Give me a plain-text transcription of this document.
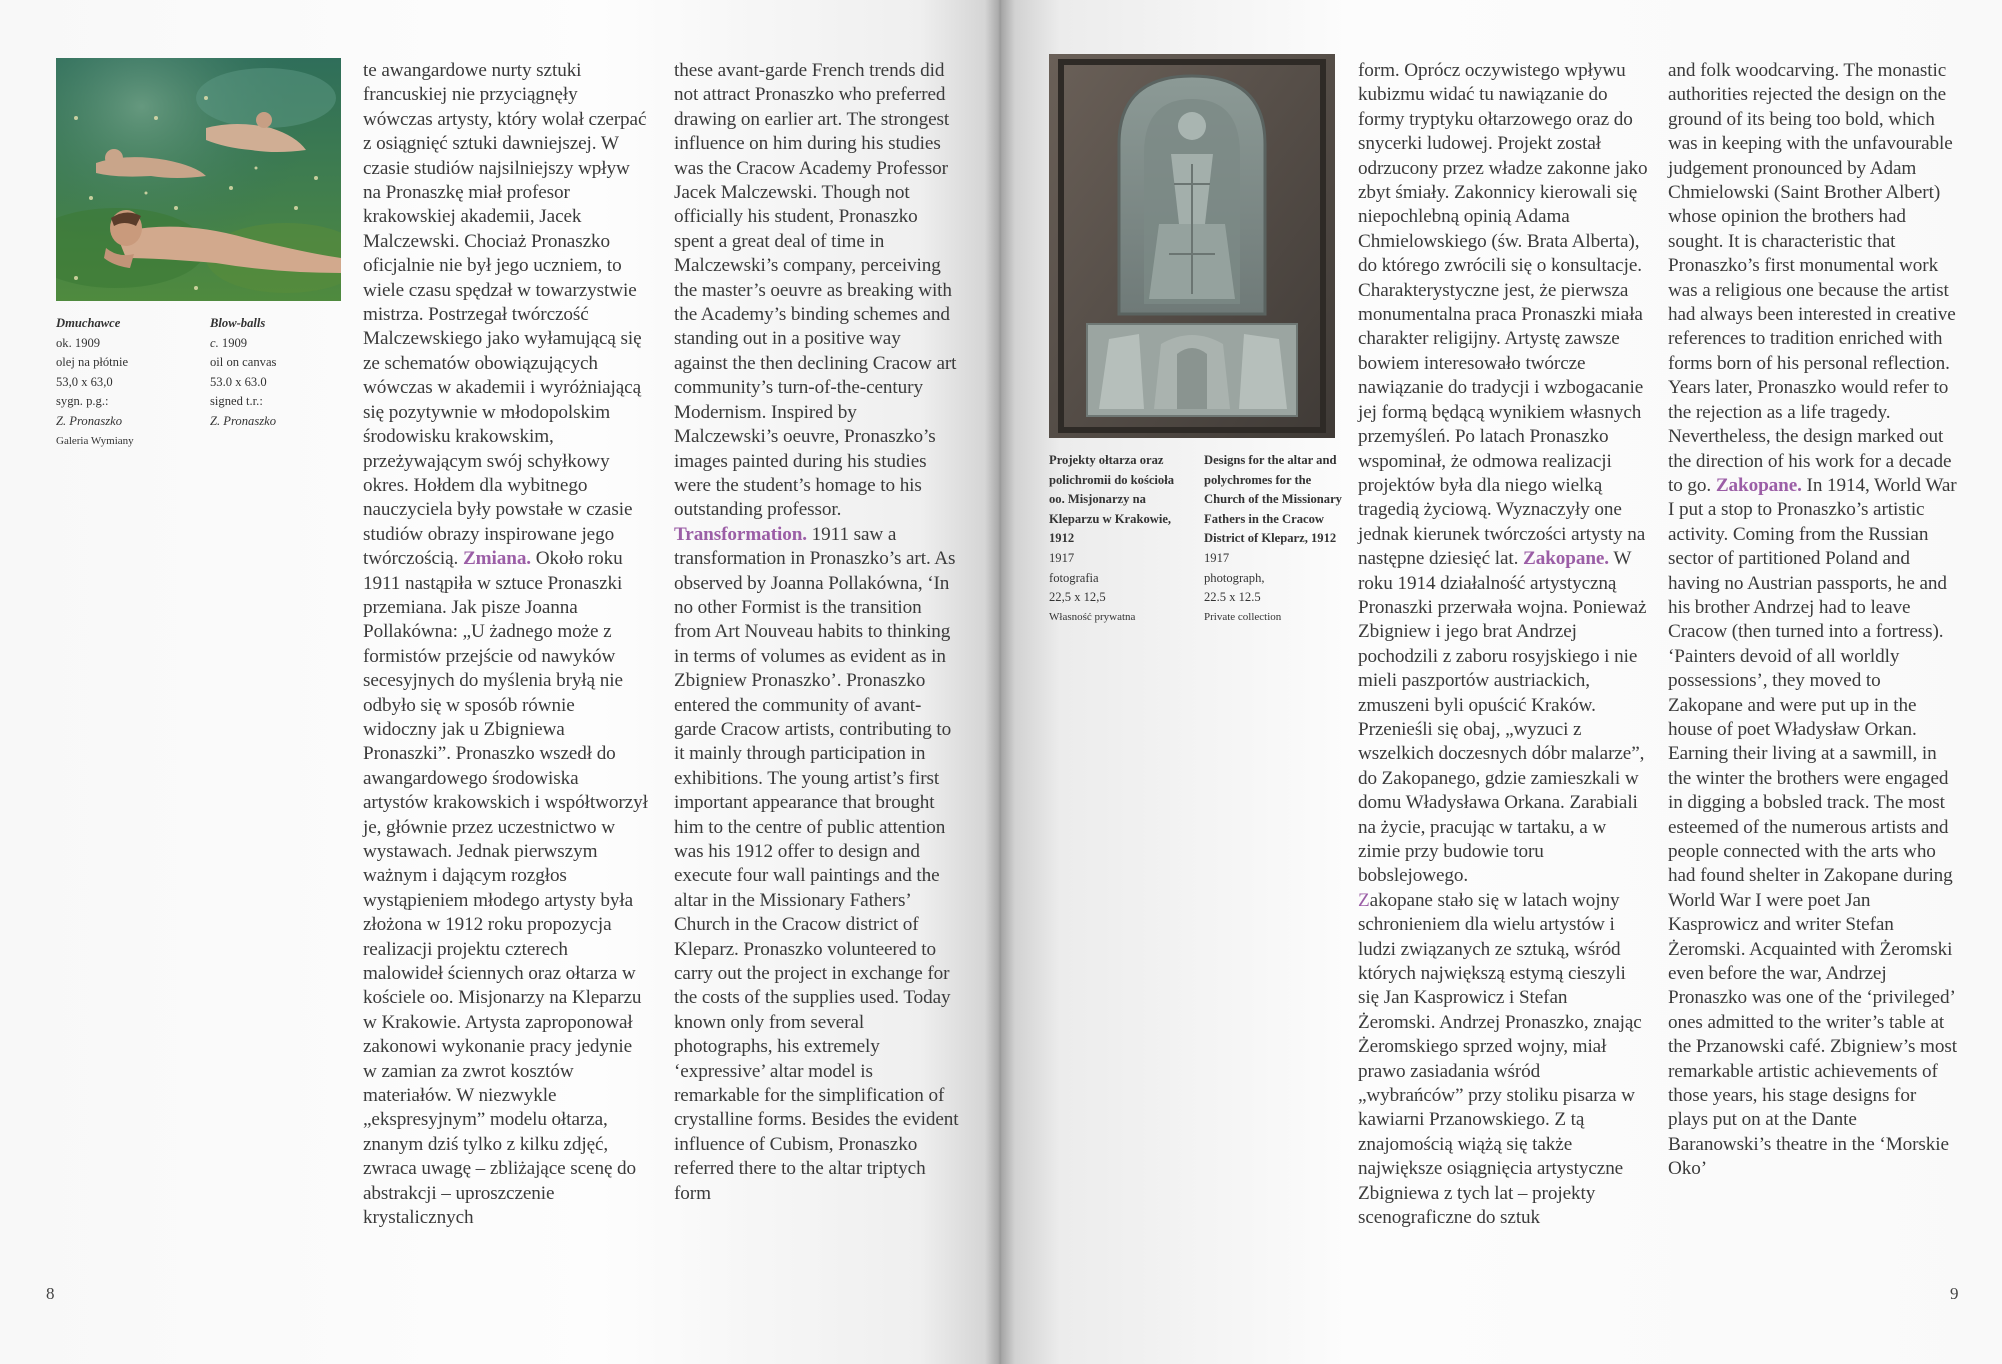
Dmuchawce
ok. 1909
olej na płótnie
53,0 x 63,0
sygn. p.g.:
Z. Pronaszko
Galeria Wymiany
Blow-balls
c. 1909
oil on canvas
53.0 x 63.0
signed t.r.:
Z. Pronaszko

te awangardowe nurty sztuki francuskiej nie przyciągnęły wówczas artysty, który wolał czerpać z osiągnięć sztuki dawniejszej. W czasie studiów najsilniejszy wpływ na Pronaszkę miał profesor krakowskiej akademii, Jacek Malczewski. Chociaż Pronaszko oficjalnie nie był jego uczniem, to wiele czasu spędzał w towarzystwie mistrza. Postrzegał twórczość Malczewskiego jako wyłamującą się ze schematów obowiązujących wówczas w akademii i wyróżniającą się pozytywnie w młodopolskim środowisku krakowskim, przeżywającym swój schyłkowy okres. Hołdem dla wybitnego nauczyciela były powstałe w czasie studiów obrazy inspirowane jego twórczością. Zmiana. Około roku 1911 nastąpiła w sztuce Pronaszki przemiana. Jak pisze Joanna Pollakówna: „U żadnego może z formistów przejście od nawyków secesyjnych do myślenia bryłą nie odbyło się w sposób równie widoczny jak u Zbigniewa Pronaszki”. Pronaszko wszedł do awangardowego środowiska artystów krakowskich i współtworzył je, głównie przez uczestnictwo w wystawach. Jednak pierwszym ważnym i dającym rozgłos wystąpieniem młodego artysty była złożona w 1912 roku propozycja realizacji projektu czterech malowideł ściennych oraz ołtarza w kościele oo. Misjonarzy na Kleparzu w Krakowie. Artysta zaproponował zakonowi wykonanie pracy jedynie w zamian za zwrot kosztów materiałów. W niezwykle „ekspresyjnym” modelu ołtarza, znanym dziś tylko z kilku zdjęć, zwraca uwagę – zbliżające scenę do abstrakcji – uproszczenie krystalicznych

these avant-garde French trends did not attract Pronaszko who preferred drawing on earlier art. The strongest influence on him during his studies was the Cracow Academy Professor Jacek Malczewski. Though not officially his student, Pronaszko spent a great deal of time in Malczewski’s company, perceiving the master’s oeuvre as breaking with the Academy’s binding schemes and standing out in a positive way against the then declining Cracow art community’s turn-of-the-century Modernism. Inspired by Malczewski’s oeuvre, Pronaszko’s images painted during his studies were the student’s homage to his outstanding professor. Transformation. 1911 saw a transformation in Pronaszko’s art. As observed by Joanna Pollakówna, ‘In no other Formist is the transition from Art Nouveau habits to thinking in terms of volumes as evident as in Zbigniew Pronaszko’. Pronaszko entered the community of avant-garde Cracow artists, contributing to it mainly through participation in exhibitions. The young artist’s first important appearance that brought him to the centre of public attention was his 1912 offer to design and execute four wall paintings and the altar in the Missionary Fathers’ Church in the Cracow district of Kleparz. Pronaszko volunteered to carry out the project in exchange for the costs of the supplies used. Today known only from several photographs, his extremely ‘expressive’ altar model is remarkable for the simplification of crystalline forms. Besides the evident influence of Cubism, Pronaszko referred there to the altar triptych form

8
Projekty ołtarza oraz polichromii do kościoła oo. Misjonarzy na Kleparzu w Krakowie, 1912
1917
fotografia
22,5 x 12,5
Własność prywatna
Designs for the altar and polychromes for the Church of the Missionary Fathers in the Cracow District of Kleparz, 1912
1917
photograph,
22.5 x 12.5
Private collection

form. Oprócz oczywistego wpływu kubizmu widać tu nawiązanie do formy tryptyku ołtarzowego oraz do snycerki ludowej. Projekt został odrzucony przez władze zakonne jako zbyt śmiały. Zakonnicy kierowali się niepochlebną opinią Adama Chmielowskiego (św. Brata Alberta), do którego zwrócili się o konsultacje. Charakterystyczne jest, że pierwsza monumentalna praca Pronaszki miała charakter religijny. Artystę zawsze bowiem interesowało twórcze nawiązanie do tradycji i wzbogacanie jej formą będącą wynikiem własnych przemyśleń. Po latach Pronaszko wspominał, że odmowa realizacji projektów była dla niego wielką tragedią życiową. Wyznaczyły one jednak kierunek twórczości artysty na następne dziesięć lat. Zakopane. W roku 1914 działalność artystyczną Pronaszki przerwała wojna. Ponieważ Zbigniew i jego brat Andrzej pochodzili z zaboru rosyjskiego i nie mieli paszportów austriackich, zmuszeni byli opuścić Kraków. Przenieśli się obaj, „wyzuci z wszelkich doczesnych dóbr malarze”, do Zakopanego, gdzie zamieszkali w domu Władysława Orkana. Zarabiali na życie, pracując w tartaku, a w zimie przy budowie toru bobslejowego.

Zakopane stało się w latach wojny schronieniem dla wielu artystów i ludzi związanych ze sztuką, wśród których największą estymą cieszyli się Jan Kasprowicz i Stefan Żeromski. Andrzej Pronaszko, znając Żeromskiego sprzed wojny, miał prawo zasiadania wśród „wybrańców” przy stoliku pisarza w kawiarni Przanowskiego. Z tą znajomością wiążą się także największe osiągnięcia artystyczne Zbigniewa z tych lat – projekty scenograficzne do sztuk

and folk woodcarving. The monastic authorities rejected the design on the ground of its being too bold, which was in keeping with the unfavourable judgement pronounced by Adam Chmielowski (Saint Brother Albert) whose opinion the brothers had sought. It is characteristic that Pronaszko’s first monumental work was a religious one because the artist had always been interested in creative references to tradition enriched with forms born of his personal reflection. Years later, Pronaszko would refer to the rejection as a life tragedy. Nevertheless, the design marked out the direction of his work for a decade to go. Zakopane. In 1914, World War I put a stop to Pronaszko’s artistic activity. Coming from the Russian sector of partitioned Poland and having no Austrian passports, he and his brother Andrzej had to leave Cracow (then turned into a fortress). ‘Painters devoid of all worldly possessions’, they moved to Zakopane and were put up in the house of poet Władysław Orkan. Earning their living at a sawmill, in the winter the brothers were engaged in digging a bobsled track. The most esteemed of the numerous artists and people connected with the arts who had found shelter in Zakopane during World War I were poet Jan Kasprowicz and writer Stefan Żeromski. Acquainted with Żeromski even before the war, Andrzej Pronaszko was one of the ‘privileged’ ones admitted to the writer’s table at the Przanowski café. Zbigniew’s most remarkable artistic achievements of those years, his stage designs for plays put on at the Dante Baranowski’s theatre in the ‘Morskie Oko’

9
